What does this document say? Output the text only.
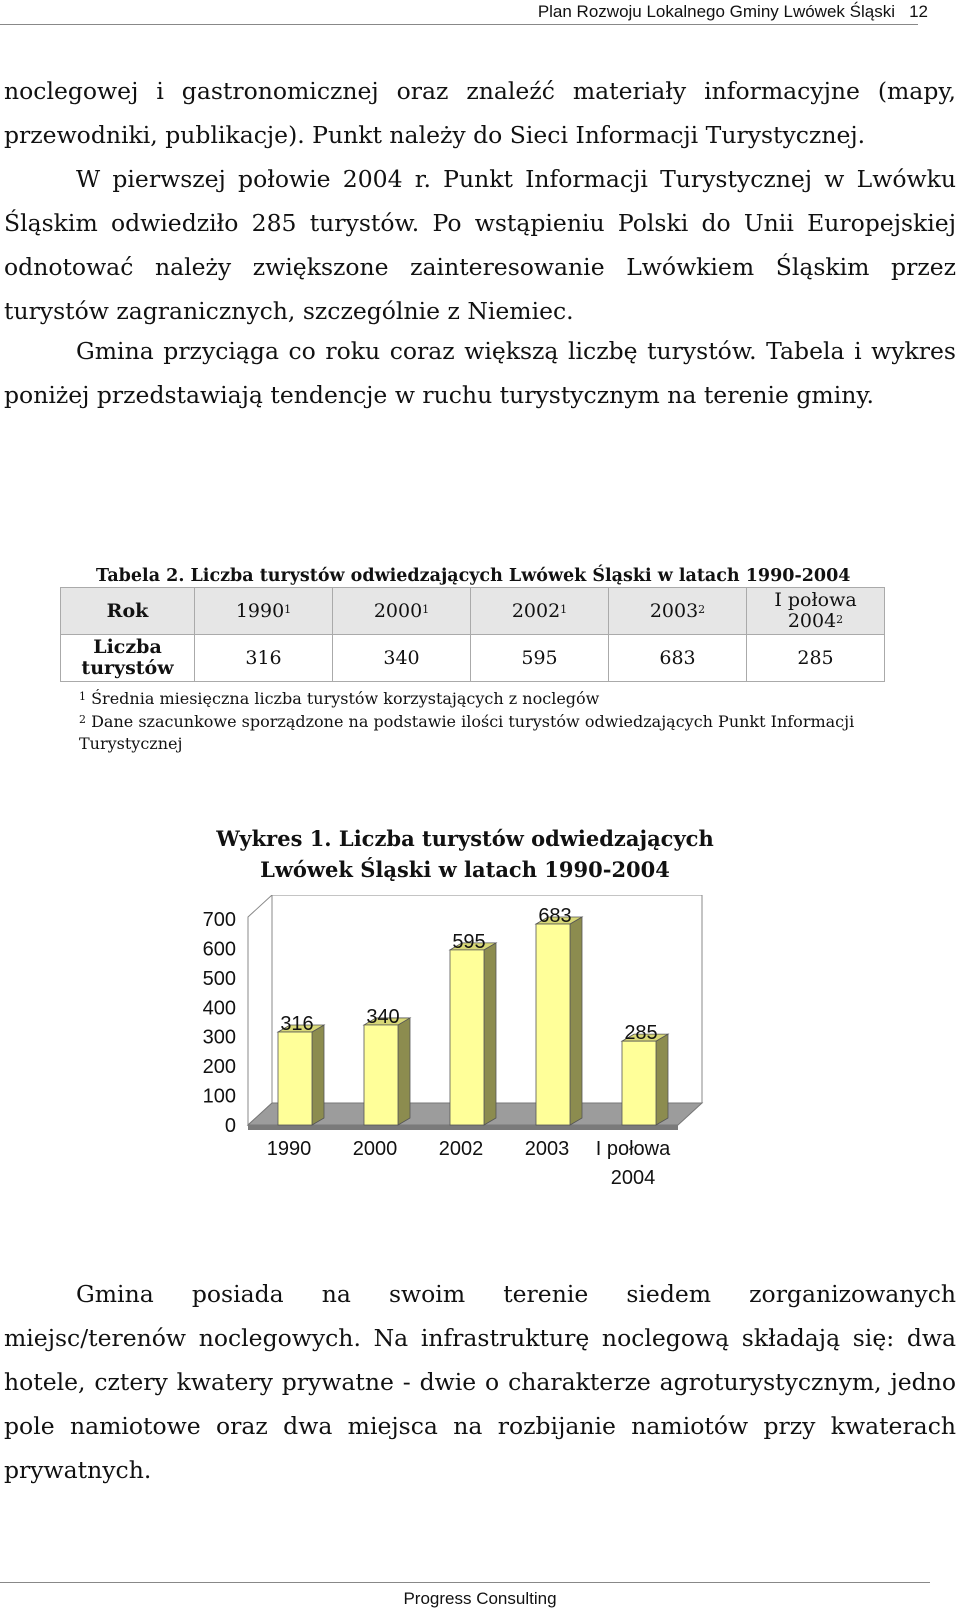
Plan Rozwoju Lokalnego Gminy Lwówek Śląski 12
noclegowej i gastronomicznej oraz znaleźć materiały informacyjne (mapy, przewodniki, publikacje). Punkt należy do Sieci Informacji Turystycznej.
W pierwszej połowie 2004 r. Punkt Informacji Turystycznej w Lwówku Śląskim odwiedziło 285 turystów. Po wstąpieniu Polski do Unii Europejskiej odnotować należy zwiększone zainteresowanie Lwówkiem Śląskim przez turystów zagranicznych, szczególnie z Niemiec.
Gmina przyciąga co roku coraz większą liczbę turystów. Tabela i wykres poniżej przedstawiają tendencje w ruchu turystycznym na terenie gminy.
Tabela 2. Liczba turystów odwiedzających Lwówek Śląski w latach 1990-2004
Rok	1990$^1$	2000$^1$	2002$^1$	2003$^2$	I połowa 2004$^2$
Liczba turystów	316	340	595	683	285
$^1$ Średnia miesięczna liczba turystów korzystających z noclegów
$^2$ Dane szacunkowe sporządzone na podstawie ilości turystów odwiedzających Punkt Informacji Turystycznej
Wykres 1. Liczba turystów odwiedzających Lwówek Śląski w latach 1990-2004
0
100
200
300
400
500
600
700
316
1990
340
2000
595
2002
683
2003
285
I połowa
2004
Gmina posiada na swoim terenie siedem zorganizowanych miejsc/terenów noclegowych. Na infrastrukturę noclegową składają się: dwa hotele, cztery kwatery prywatne - dwie o charakterze agroturystycznym, jedno pole namiotowe oraz dwa miejsca na rozbijanie namiotów przy kwaterach prywatnych.
Progress Consulting
